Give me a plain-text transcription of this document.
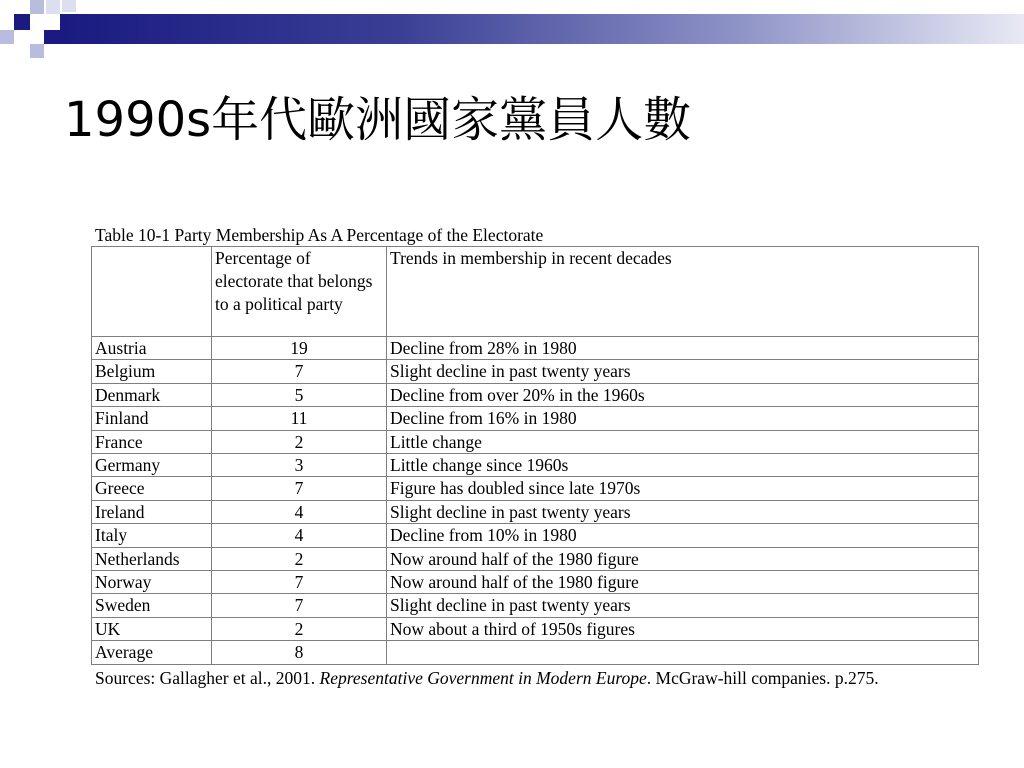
1990s年代歐洲國家黨員人數
Table 10-1 Party Membership As A Percentage of the Electorate
	Percentage of electorate that belongs to a political party	Trends in membership in recent decades
Austria	19	Decline from 28% in 1980
Belgium	7	Slight decline in past twenty years
Denmark	5	Decline from over 20% in the 1960s
Finland	11	Decline from 16% in 1980
France	2	Little change
Germany	3	Little change since 1960s
Greece	7	Figure has doubled since late 1970s
Ireland	4	Slight decline in past twenty years
Italy	4	Decline from 10% in 1980
Netherlands	2	Now around half of the 1980 figure
Norway	7	Now around half of the 1980 figure
Sweden	7	Slight decline in past twenty years
UK	2	Now about a third of 1950s figures
Average	8	
Sources: Gallagher et al., 2001. Representative Government in Modern Europe. McGraw-hill companies. p.275.
